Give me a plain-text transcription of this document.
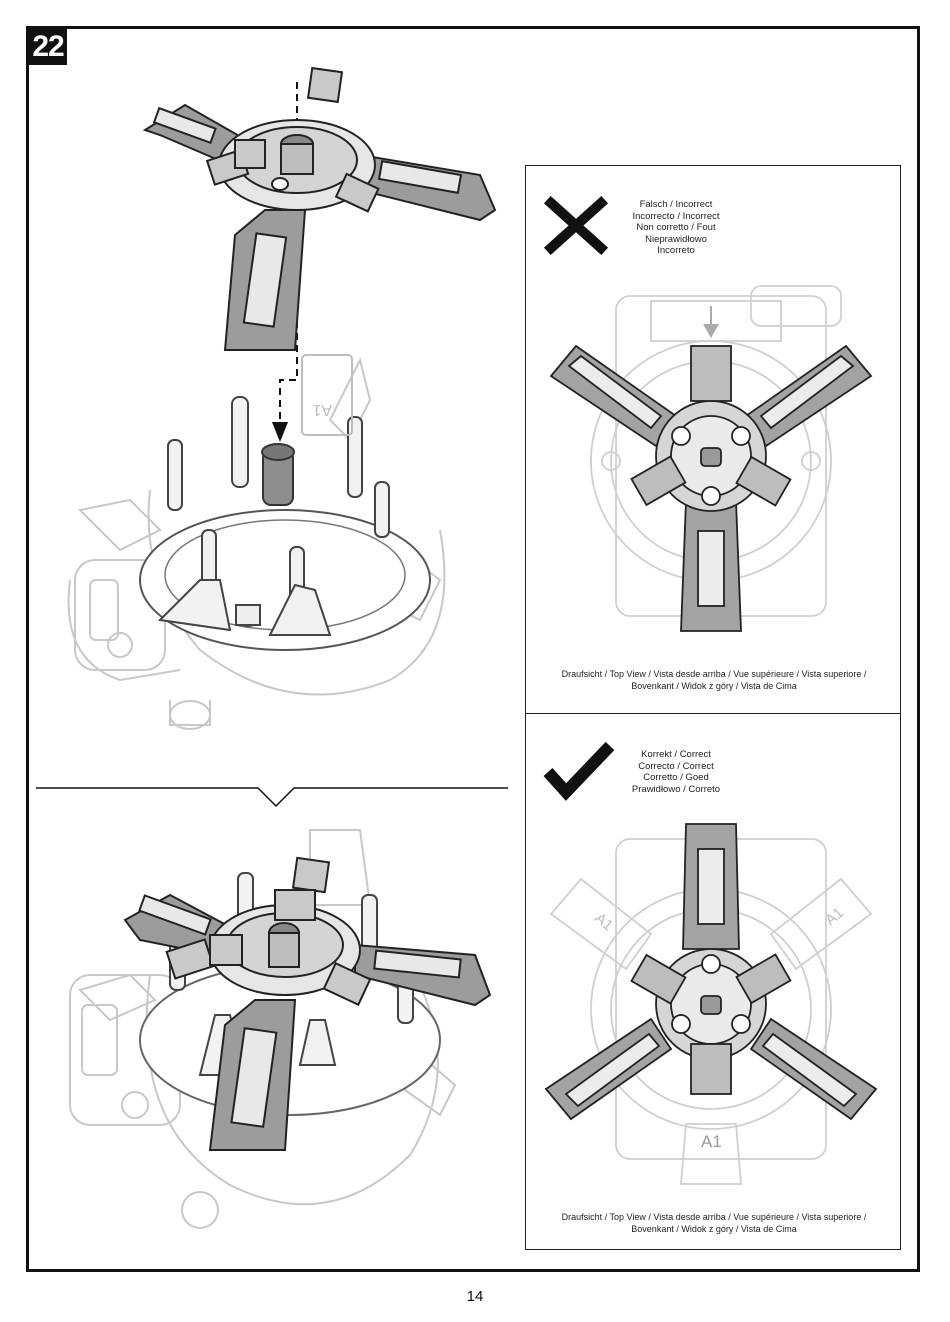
22
A1
Falsch / Incorrect
Incorrecto / Incorrect
Non corretto / Fout
Nieprawidłowo
Incorreto
Draufsicht / Top View / Vista desde arriba / Vue supérieure / Vista superiore /
Bovenkant / Widok z góry / Vista de Cima
Korrekt / Correct
Correcto / Correct
Corretto / Goed
Prawidłowo / Correto
A1	A1
A1
Draufsicht / Top View / Vista desde arriba / Vue supérieure / Vista superiore /
Bovenkant / Widok z góry / Vista de Cima
14
